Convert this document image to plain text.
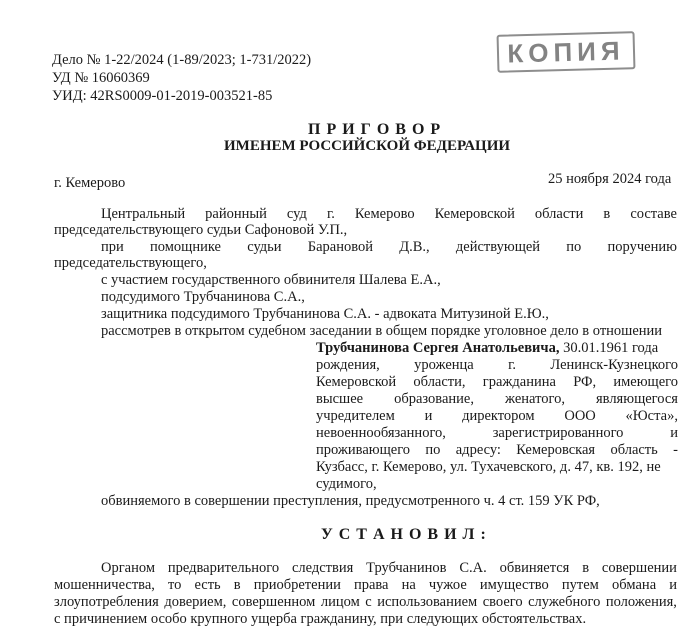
Дело № 1-22/2024 (1-89/2023; 1-731/2022)
УД № 16060369
УИД: 42RS0009-01-2019-003521-85
КОПИЯ
П Р И Г О В О Р
ИМЕНЕМ РОССИЙСКОЙ ФЕДЕРАЦИИ
г. Кемерово	25 ноября 2024 года
Центральный районный суд г. Кемерово Кемеровской области в составе
председательствующего судьи Сафоновой У.П.,
при помощнике судьи Барановой Д.В., действующей по поручению
председательствующего,
с участием государственного обвинителя Шалева Е.А.,
подсудимого Трубчанинова С.А.,
защитника подсудимого Трубчанинова С.А. - адвоката Митузиной Е.Ю.,
рассмотрев в открытом судебном заседании в общем порядке уголовное дело в отношении
Трубчанинова Сергея Анатольевича, 30.01.1961 года
рождения, уроженца г. Ленинск-Кузнецкого
Кемеровской области, гражданина РФ, имеющего
высшее образование, женатого, являющегося
учредителем и директором ООО «Юста»,
невоеннообязанного,	зарегистрированного	и
проживающего по адресу: Кемеровская область -
Кузбасс, г. Кемерово, ул. Тухачевского, д. 47, кв. 192, не
судимого,
обвиняемого в совершении преступления, предусмотренного ч. 4 ст. 159 УК РФ,
У С Т А Н О В И Л :
Органом предварительного следствия Трубчанинов С.А. обвиняется в совершении
мошенничества, то есть в приобретении права на чужое имущество путем обмана и
злоупотребления доверием, совершенном лицом с использованием своего служебного положения,
с причинением особо крупного ущерба гражданину, при следующих обстоятельствах.
